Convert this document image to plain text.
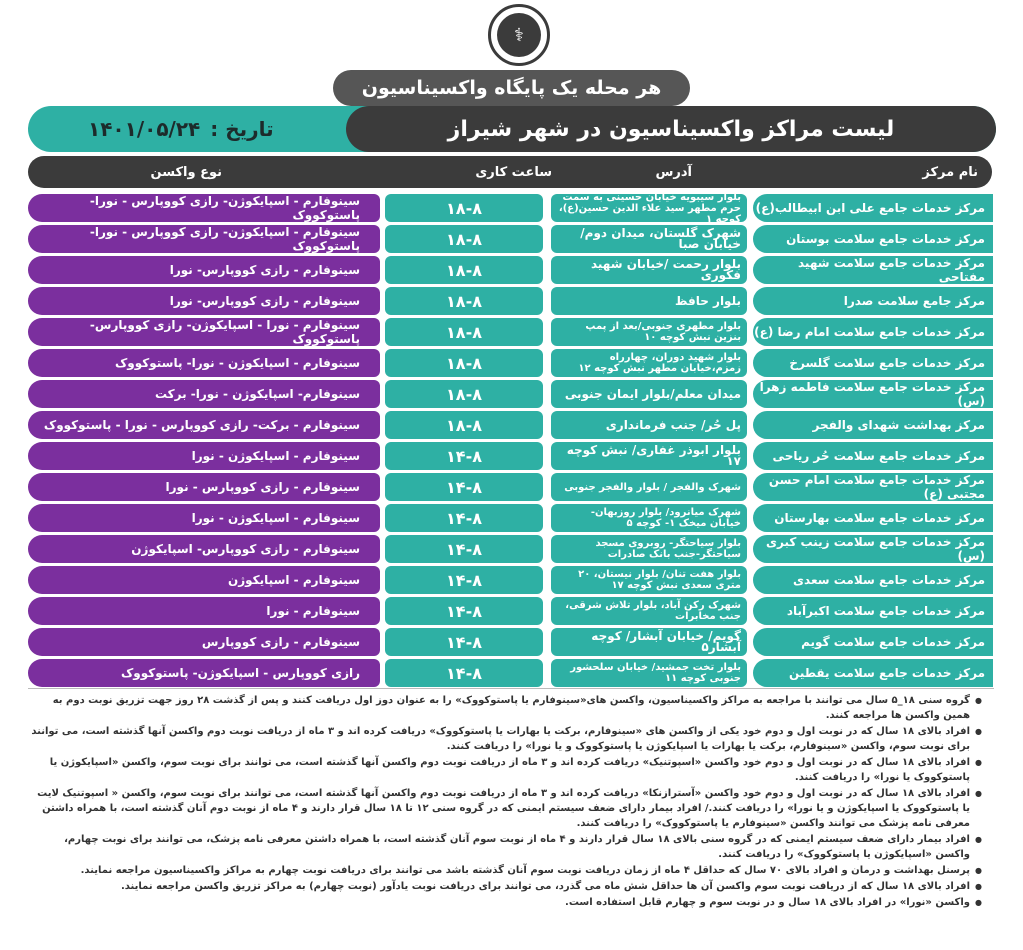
⚕
هر محله یک پایگاه واکسیناسیون
تاریخ :
۱۴۰۱/۰۵/۲۴	لیست مراکز واکسیناسیون در شهر شیراز
نام مرکز
آدرس
ساعت کاری
نوع واکسن
مرکز خدمات جامع علی ابن ابیطالب(ع)
بلوار سیبویه خیابان حسینی به سمت حرم مطهر سید علاء الدین حسین(ع)، کوچه ۱
۱۸-۸
سینوفارم - اسپایکوژن- رازی کووپارس - نورا- پاستوکووک
مرکز خدمات جامع سلامت بوستان
شهرک گلستان، میدان دوم/خیابان صبا
۱۸-۸
سینوفارم - اسپایکوژن- رازی کووپارس - نورا- پاستوکووک
مرکز خدمات جامع سلامت شهید مفتاحی
بلوار رحمت /خیابان شهید فکوری
۱۸-۸
سینوفارم - رازی کووپارس- نورا
مرکز جامع سلامت صدرا
بلوار حافظ
۱۸-۸
سینوفارم - رازی کووپارس- نورا
مرکز خدمات جامع سلامت امام رضا (ع)
بلوار مطهری جنوبی/بعد از پمپ بنزین نبش کوچه ۱۰
۱۸-۸
سینوفارم - نورا - اسپایکوژن- رازی کووپارس- پاستوکووک
مرکز خدمات جامع سلامت گلسرخ
بلوار شهید دوران، چهارراه زمزم،خیابان مطهر نبش کوچه ۱۲
۱۸-۸
سینوفارم - اسپایکوژن - نورا- پاستوکووک
مرکز خدمات جامع سلامت فاطمه زهرا (س)
میدان معلم/بلوار ایمان جنوبی
۱۸-۸
سینوفارم- اسپایکوژن - نورا- برکت
مرکز بهداشت شهدای والفجر
پل حُر/ جنب فرمانداری
۱۸-۸
سینوفارم - برکت- رازی کووپارس - نورا - پاستوکووک
مرکز خدمات جامع سلامت حُر ریاحی
بلوار ابوذر غفاری/ نبش کوچه ۱۷
۱۴-۸
سینوفارم - اسپایکوژن - نورا
مرکز خدمات جامع سلامت امام حسن مجتبی (ع)
شهرک والفجر / بلوار والفجر جنوبی
۱۴-۸
سینوفارم - رازی کووپارس - نورا
مرکز خدمات جامع سلامت بهارستان
شهرک میانرود/ بلوار روزبهان- خیابان میخک ۱- کوچه ۵
۱۴-۸
سینوفارم - اسپایکوژن - نورا
مرکز خدمات جامع سلامت زینب کبری (س)
بلوار سیاحتگر- روبروی مسجد سیاحتگر-جنب بانک صادرات
۱۴-۸
سینوفارم - رازی کووپارس- اسپایکوژن
مرکز خدمات جامع سلامت سعدی
بلوار هفت تنان/ بلوار نیستان، ۲۰ متری سعدی نبش کوچه ۱۷
۱۴-۸
سینوفارم - اسپایکوژن
مرکز خدمات جامع سلامت اکبرآباد
شهرک رکن آباد، بلوار تلاش شرقی، جنب مخابرات
۱۴-۸
سینوفارم - نورا
مرکز خدمات جامع سلامت گویم
گویم/ خیابان آبشار/ کوچه آبشار۵
۱۴-۸
سینوفارم - رازی کووپارس
مرکز خدمات جامع سلامت یقطین
بلوار تخت جمشید/ خیابان سلحشور جنوبی کوچه ۱۱
۱۴-۸
رازی کووپارس - اسپایکوژن- پاستوکووک
● گروه سنی ۱۸_۵ سال می توانند با مراجعه به مراکز واکسیناسیون، واکسن های«سینوفارم یا پاستوکووک» را به عنوان دوز اول دریافت کنند و پس از گذشت ۲۸ روز جهت تزریق نوبت دوم به همین واکسن ها مراجعه کنند.
● افراد بالای ۱۸ سال که در نوبت اول و دوم خود یکی از واکسن های «سینوفارم، برکت یا بهارات یا پاستوکووک» دریافت کرده اند و ۳ ماه از دریافت نوبت دوم واکسن آنها گذشته است، می توانند برای نوبت سوم، واکسن «سینوفارم، برکت یا بهارات یا اسپایکوژن یا پاستوکووک و یا نورا» را دریافت کنند.
● افراد بالای ۱۸ سال که در نوبت اول و دوم خود واکسن «اسپوتنیک» دریافت کرده اند و ۳ ماه از دریافت نوبت دوم واکسن آنها گذشته است، می توانند برای نوبت سوم، واکسن «اسپایکوژن یا پاستوکووک یا نورا» را دریافت کنند.
● افراد بالای ۱۸ سال که در نوبت اول و دوم خود واکسن «آسترازنکا» دریافت کرده اند و ۳ ماه از دریافت نوبت دوم واکسن آنها گذشته است، می توانند برای نوبت سوم، واکسن « اسپوتنیک لایت یا پاستوکووک یا اسپایکوژن و یا نورا» را دریافت کنند./ افراد بیمار دارای ضعف سیستم ایمنی که در گروه سنی ۱۲ تا ۱۸ سال قرار دارند و ۴ ماه از نوبت دوم آنان گذشته است، با همراه داشتن معرفی نامه پزشک می توانند واکسن «سینوفارم یا پاستوکووک» را دریافت کنند.
● افراد بیمار دارای ضعف سیستم ایمنی که در گروه سنی بالای ۱۸ سال قرار دارند و ۴ ماه از نوبت سوم آنان گذشته است، با همراه داشتن معرفی نامه پزشک، می توانند برای نوبت چهارم، واکسن «اسپایکوژن یا پاستوکووک» را دریافت کنند.
● پرسنل بهداشت و درمان و افراد بالای ۷۰ سال که حداقل ۴ ماه از زمان دریافت نوبت سوم آنان گذشته باشد می توانند برای دریافت نوبت چهارم به مراکز واکسیناسیون مراجعه نمایند.
● افراد بالای ۱۸ سال که از دریافت نوبت سوم واکسن آن ها حداقل شش ماه می گذرد، می توانند برای دریافت نوبت یادآور (نوبت چهارم) به مراکز تزریق واکسن مراجعه نمایند.
● واکسن «نورا» در افراد بالای ۱۸ سال و در نوبت سوم و چهارم قابل استفاده است.
